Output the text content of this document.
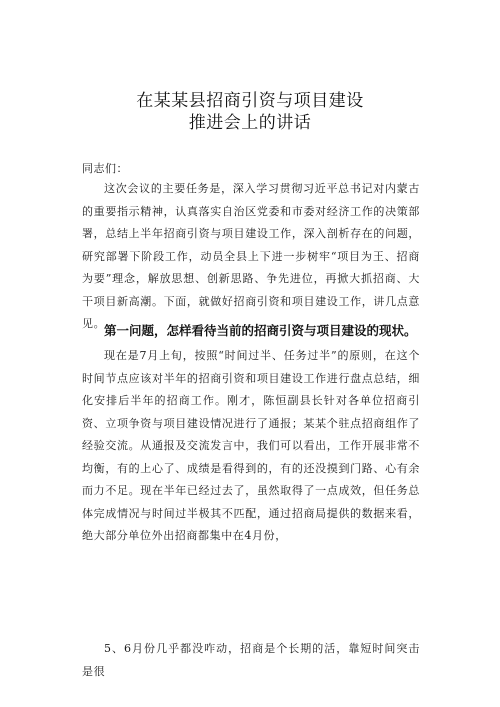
在某某县招商引资与项目建设
推进会上的讲话
同志们：
这次会议的主要任务是，深入学习贯彻习近平总书记对内蒙古的重要指示精神，认真落实自治区党委和市委对经济工作的决策部署，总结上半年招商引资与项目建设工作，深入剖析存在的问题，研究部署下阶段工作，动员全县上下进一步树牢“项目为王、招商为要”理念，解放思想、创新思路、争先进位，再掀大抓招商、大干项目新高潮。下面，就做好招商引资和项目建设工作，讲几点意见。
第一问题，怎样看待当前的招商引资与项目建设的现状。
现在是7月上旬，按照“时间过半、任务过半”的原则，在这个时间节点应该对半年的招商引资和项目建设工作进行盘点总结，细化安排后半年的招商工作。刚才，陈恒副县长针对各单位招商引资、立项争资与项目建设情况进行了通报；某某个驻点招商组作了经验交流。从通报及交流发言中，我们可以看出，工作开展非常不均衡，有的上心了、成绩是看得到的，有的还没摸到门路、心有余而力不足。现在半年已经过去了，虽然取得了一点成效，但任务总体完成情况与时间过半极其不匹配，通过招商局提供的数据来看，绝大部分单位外出招商都集中在4月份，
5、6月份几乎都没咋动，招商是个长期的活，靠短时间突击是很
